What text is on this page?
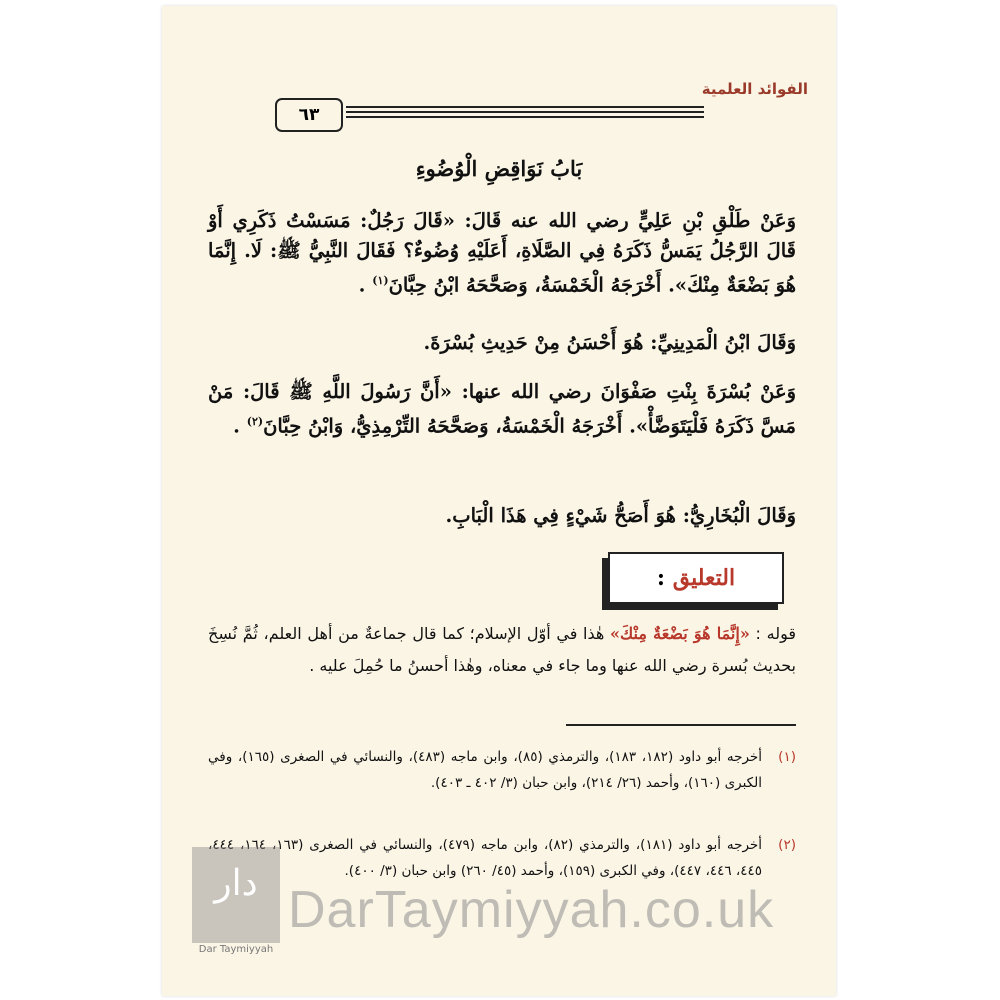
الفوائد العلمية
٦٣
بَابُ نَوَاقِضِ الْوُضُوءِ
وَعَنْ طَلْقِ بْنِ عَلِيٍّ رضي الله عنه قَالَ: «قَالَ رَجُلٌ: مَسَسْتُ ذَكَرِي أَوْ قَالَ الرَّجُلُ يَمَسُّ ذَكَرَهُ فِي الصَّلَاةِ، أَعَلَيْهِ وُضُوءٌ؟ فَقَالَ النَّبِيُّ ﷺ: لَا. إِنَّمَا هُوَ بَضْعَةٌ مِنْكَ». أَخْرَجَهُ الْخَمْسَةُ، وَصَحَّحَهُ ابْنُ حِبَّانَ$^{(١)}$ .
وَقَالَ ابْنُ الْمَدِينِيِّ: هُوَ أَحْسَنُ مِنْ حَدِيثِ بُسْرَةَ.
وَعَنْ بُسْرَةَ بِنْتِ صَفْوَانَ رضي الله عنها: «أَنَّ رَسُولَ اللَّهِ ﷺ قَالَ: مَنْ مَسَّ ذَكَرَهُ فَلْيَتَوَضَّأْ». أَخْرَجَهُ الْخَمْسَةُ، وَصَحَّحَهُ التِّرْمِذِيُّ، وَابْنُ حِبَّانَ$^{(٢)}$ .
وَقَالَ الْبُخَارِيُّ: هُوَ أَصَحُّ شَيْءٍ فِي هَذَا الْبَابِ.
التعليق :
قوله : «إِنَّمَا هُوَ بَضْعَةٌ مِنْكَ» هٰذا في أوّل الإسلام؛ كما قال جماعةٌ من أهل العلم، ثُمَّ نُسِخَ بحديث بُسرة رضي الله عنها وما جاء في معناه، وهٰذا أحسنُ ما حُمِلَ عليه .
(١)
أخرجه أبو داود (١٨٢، ١٨٣)، والترمذي (٨٥)، وابن ماجه (٤٨٣)، والنسائي في الصغرى (١٦٥)، وفي الكبرى (١٦٠)، وأحمد (٢٦/ ٢١٤)، وابن حبان (٣/ ٤٠٢ ـ ٤٠٣).
(٢)
أخرجه أبو داود (١٨١)، والترمذي (٨٢)، وابن ماجه (٤٧٩)، والنسائي في الصغرى (١٦٣، ١٦٤، ٤٤٤، ٤٤٥، ٤٤٦، ٤٤٧)، وفي الكبرى (١٥٩)، وأحمد (٤٥/ ٢٦٠) وابن حبان (٣/ ٤٠٠).
دار
Dar Taymiyyah
DarTaymiyyah.co.uk
